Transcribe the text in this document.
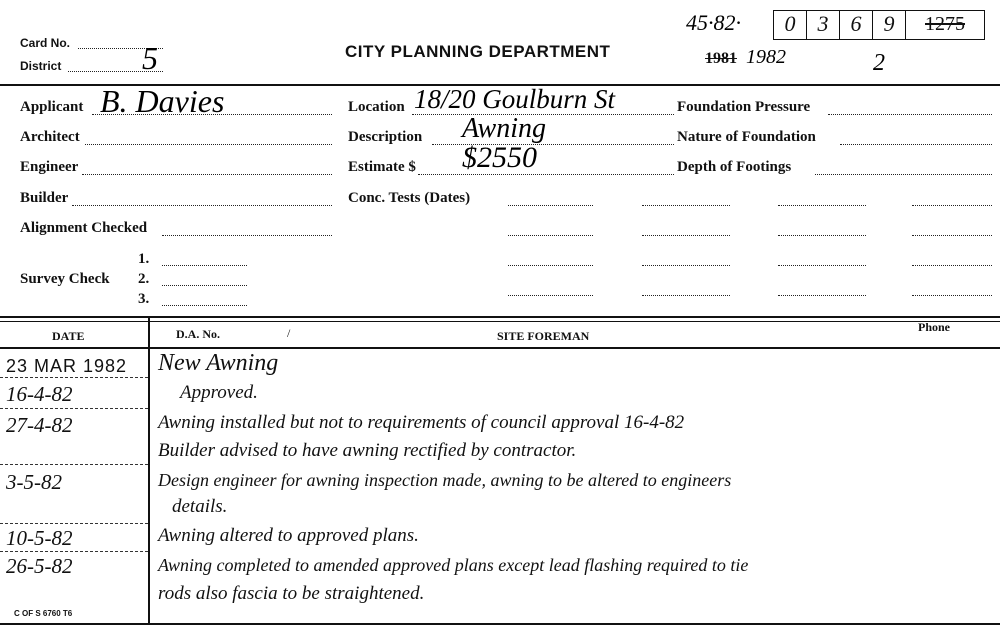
Card No.
District	5	CITY PLANNING DEPARTMENT
45·82·	0	3	6	9	1275
1981 1982	2
Applicant B. Davies
Architect
Engineer
Builder
Alignment Checked
1.
Survey Check 2.
3.
Location 18/20 Goulburn St
Description Awning
Estimate $ $2550
Conc. Tests (Dates)
Foundation Pressure
Nature of Foundation
Depth of Footings
DATE	D.A. No.	/	SITE FOREMAN
Phone
23 MAR 1982 New Awning
16-4-82	Approved.
27-4-82	Awning installed but not to requirements of council approval 16-4-82
Builder advised to have awning rectified by contractor.
3-5-82	Design engineer for awning inspection made, awning to be altered to engineers
details.
10-5-82	Awning altered to approved plans.
26-5-82	Awning completed to amended approved plans except lead flashing required to tie
rods also fascia to be straightened.
C OF S 6760 T6
